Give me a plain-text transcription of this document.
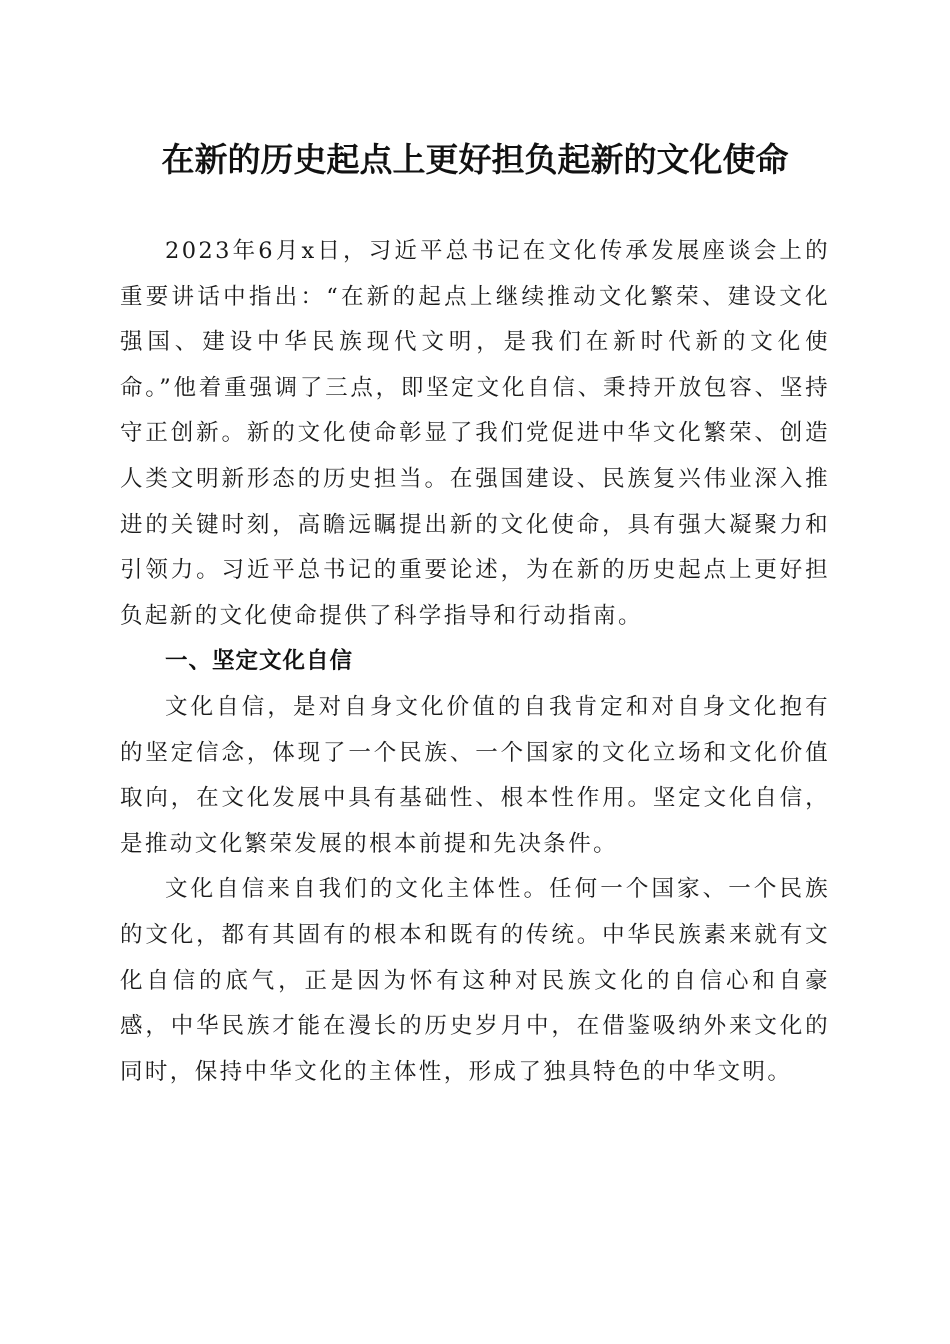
在新的历史起点上更好担负起新的文化使命

2023年6月x日，习近平总书记在文化传承发展座谈会上的重要讲话中指出：“在新的起点上继续推动文化繁荣、建设文化强国、建设中华民族现代文明，是我们在新时代新的文化使命。”他着重强调了三点，即坚定文化自信、秉持开放包容、坚持守正创新。新的文化使命彰显了我们党促进中华文化繁荣、创造人类文明新形态的历史担当。在强国建设、民族复兴伟业深入推进的关键时刻，高瞻远瞩提出新的文化使命，具有强大凝聚力和引领力。习近平总书记的重要论述，为在新的历史起点上更好担负起新的文化使命提供了科学指导和行动指南。

一、坚定文化自信

文化自信，是对自身文化价值的自我肯定和对自身文化抱有的坚定信念，体现了一个民族、一个国家的文化立场和文化价值取向，在文化发展中具有基础性、根本性作用。坚定文化自信，是推动文化繁荣发展的根本前提和先决条件。

文化自信来自我们的文化主体性。任何一个国家、一个民族的文化，都有其固有的根本和既有的传统。中华民族素来就有文化自信的底气，正是因为怀有这种对民族文化的自信心和自豪感，中华民族才能在漫长的历史岁月中，在借鉴吸纳外来文化的同时，保持中华文化的主体性，形成了独具特色的中华文明。
